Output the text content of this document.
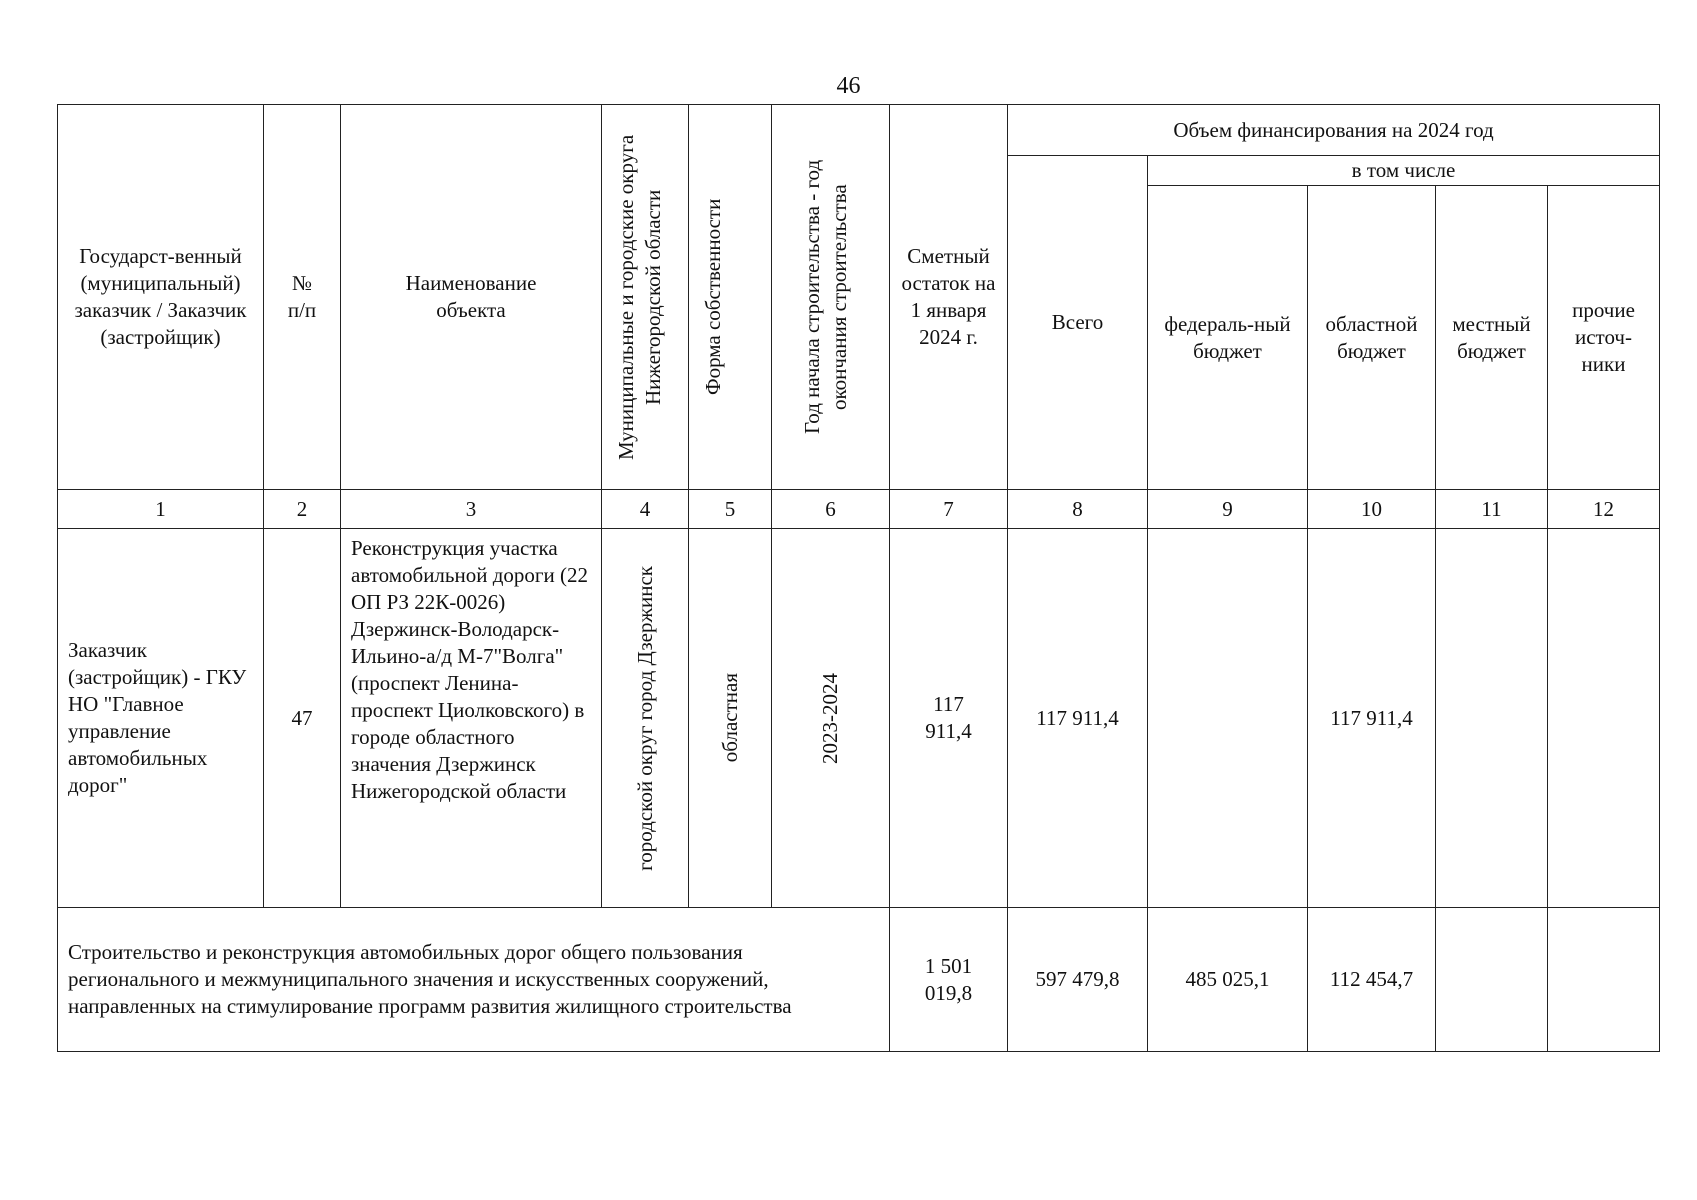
46
Государст-венный (муниципальный) заказчик / Заказчик (застройщик)	№ п/п	Наименование объекта	Муниципальные и городские округа Нижегородской области	Форма собственности	Год начала строительства - год окончания строительства	Сметный остаток на 1 января 2024 г.	Объем финансирования на 2024 год				
							Всего	в том числе			

								федераль-ный бюджет	областной бюджет	местный бюджет	прочие источ-ники

1	2	3	4	5	6	7	8	9	10	11	12
Заказчик (застройщик) - ГКУ НО "Главное управление автомобильных дорог"	47	Реконструкция участка автомобильной дороги (22 ОП РЗ 22К-0026) Дзержинск-Володарск-Ильино-а/д М-7"Волга" (проспект Ленина-проспект Циолковского) в городе областного значения Дзержинск Нижегородской области	городской округ город Дзержинск	областная	2023-2024	117 911,4	117 911,4		117 911,4		
Строительство и реконструкция автомобильных дорог общего пользования регионального и межмуниципального значения и искусственных сооружений, направленных на стимулирование программ развития жилищного строительства						1 501 019,8	597 479,8	485 025,1	112 454,7		
